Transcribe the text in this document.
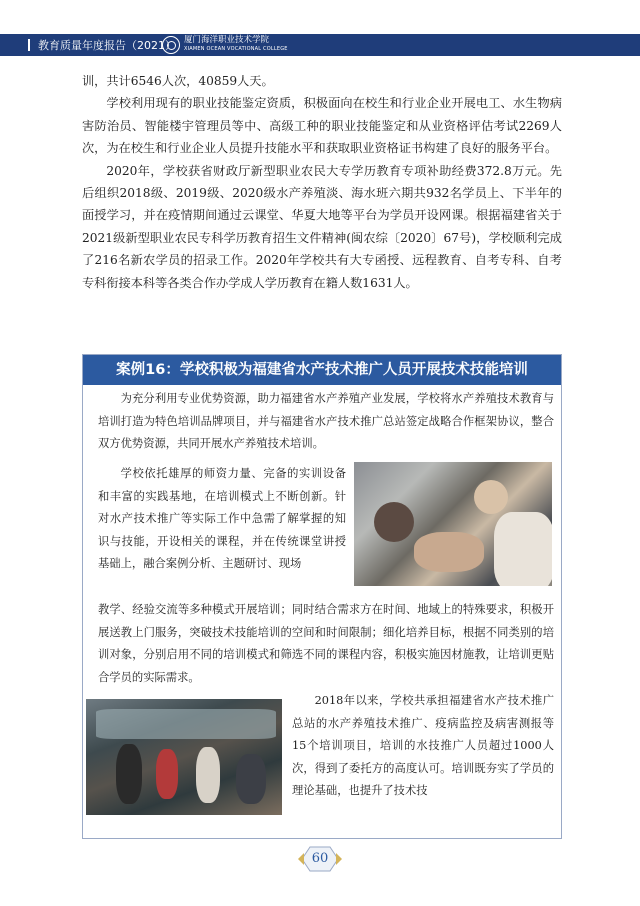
教育质量年度报告（2021） 厦门海洋职业技术学院
XIAMEN OCEAN VOCATIONAL COLLEGE

训，共计6546人次，40859人天。

学校利用现有的职业技能鉴定资质，积极面向在校生和行业企业开展电工、水生物病害防治员、智能楼宇管理员等中、高级工种的职业技能鉴定和从业资格评估考试2269人次，为在校生和行业企业人员提升技能水平和获取职业资格证书构建了良好的服务平台。

2020年，学校获省财政厅新型职业农民大专学历教育专项补助经费372.8万元。先后组织2018级、2019级、2020级水产养殖淡、海水班六期共932名学员上、下半年的面授学习，并在疫情期间通过云课堂、华夏大地等平台为学员开设网课。根据福建省关于2021级新型职业农民专科学历教育招生文件精神(闽农综〔2020〕67号)，学校顺利完成了216名新农学员的招录工作。2020年学校共有大专函授、远程教育、自考专科、自考专科衔接本科等各类合作办学成人学历教育在籍人数1631人。

案例16：学校积极为福建省水产技术推广人员开展技术技能培训

为充分利用专业优势资源，助力福建省水产养殖产业发展，学校将水产养殖技术教育与培训打造为特色培训品牌项目，并与福建省水产技术推广总站签定战略合作框架协议，整合双方优势资源，共同开展水产养殖技术培训。

学校依托雄厚的师资力量、完备的实训设备和丰富的实践基地，在培训模式上不断创新。针对水产技术推广等实际工作中急需了解掌握的知识与技能，开设相关的课程，并在传统课堂讲授基础上，融合案例分析、主题研讨、现场

教学、经验交流等多种模式开展培训；同时结合需求方在时间、地域上的特殊要求，积极开展送教上门服务，突破技术技能培训的空间和时间限制；细化培养目标，根据不同类别的培训对象，分别启用不同的培训模式和筛选不同的课程内容，积极实施因材施教，让培训更贴合学员的实际需求。

2018年以来，学校共承担福建省水产技术推广总站的水产养殖技术推广、疫病监控及病害测报等15个培训项目，培训的水技推广人员超过1000人次，得到了委托方的高度认可。培训既夯实了学员的理论基础，也提升了技术技

60
